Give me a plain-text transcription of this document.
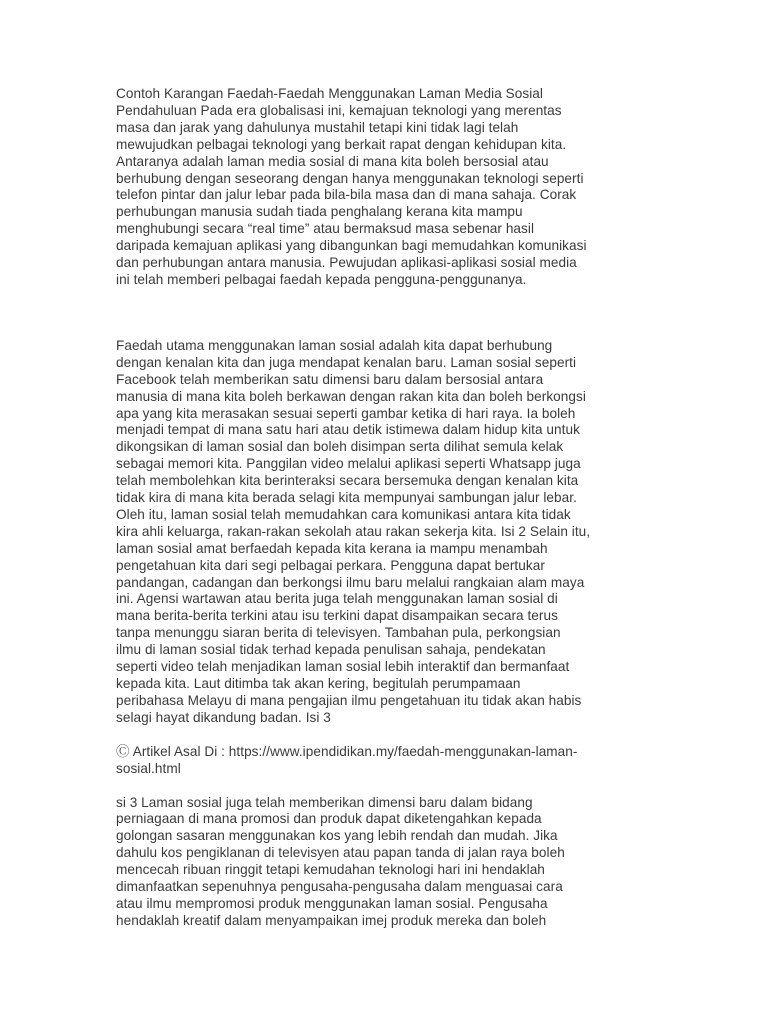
Contoh Karangan Faedah-Faedah Menggunakan Laman Media Sosial
Pendahuluan Pada era globalisasi ini, kemajuan teknologi yang merentas
masa dan jarak yang dahulunya mustahil tetapi kini tidak lagi telah
mewujudkan pelbagai teknologi yang berkait rapat dengan kehidupan kita.
Antaranya adalah laman media sosial di mana kita boleh bersosial atau
berhubung dengan seseorang dengan hanya menggunakan teknologi seperti
telefon pintar dan jalur lebar pada bila-bila masa dan di mana sahaja. Corak
perhubungan manusia sudah tiada penghalang kerana kita mampu
menghubungi secara “real time” atau bermaksud masa sebenar hasil
daripada kemajuan aplikasi yang dibangunkan bagi memudahkan komunikasi
dan perhubungan antara manusia. Pewujudan aplikasi-aplikasi sosial media
ini telah memberi pelbagai faedah kepada pengguna-penggunanya.

Faedah utama menggunakan laman sosial adalah kita dapat berhubung
dengan kenalan kita dan juga mendapat kenalan baru. Laman sosial seperti
Facebook telah memberikan satu dimensi baru dalam bersosial antara
manusia di mana kita boleh berkawan dengan rakan kita dan boleh berkongsi
apa yang kita merasakan sesuai seperti gambar ketika di hari raya. Ia boleh
menjadi tempat di mana satu hari atau detik istimewa dalam hidup kita untuk
dikongsikan di laman sosial dan boleh disimpan serta dilihat semula kelak
sebagai memori kita. Panggilan video melalui aplikasi seperti Whatsapp juga
telah membolehkan kita berinteraksi secara bersemuka dengan kenalan kita
tidak kira di mana kita berada selagi kita mempunyai sambungan jalur lebar.
Oleh itu, laman sosial telah memudahkan cara komunikasi antara kita tidak
kira ahli keluarga, rakan-rakan sekolah atau rakan sekerja kita. Isi 2 Selain itu,
laman sosial amat berfaedah kepada kita kerana ia mampu menambah
pengetahuan kita dari segi pelbagai perkara. Pengguna dapat bertukar
pandangan, cadangan dan berkongsi ilmu baru melalui rangkaian alam maya
ini. Agensi wartawan atau berita juga telah menggunakan laman sosial di
mana berita-berita terkini atau isu terkini dapat disampaikan secara terus
tanpa menunggu siaran berita di televisyen. Tambahan pula, perkongsian
ilmu di laman sosial tidak terhad kepada penulisan sahaja, pendekatan
seperti video telah menjadikan laman sosial lebih interaktif dan bermanfaat
kepada kita. Laut ditimba tak akan kering, begitulah perumpamaan
peribahasa Melayu di mana pengajian ilmu pengetahuan itu tidak akan habis
selagi hayat dikandung badan. Isi 3

Ⓒ Artikel Asal Di : https://www.ipendidikan.my/faedah-menggunakan-laman-
sosial.html

si 3 Laman sosial juga telah memberikan dimensi baru dalam bidang
perniagaan di mana promosi dan produk dapat diketengahkan kepada
golongan sasaran menggunakan kos yang lebih rendah dan mudah. Jika
dahulu kos pengiklanan di televisyen atau papan tanda di jalan raya boleh
mencecah ribuan ringgit tetapi kemudahan teknologi hari ini hendaklah
dimanfaatkan sepenuhnya pengusaha-pengusaha dalam menguasai cara
atau ilmu mempromosi produk menggunakan laman sosial. Pengusaha
hendaklah kreatif dalam menyampaikan imej produk mereka dan boleh
